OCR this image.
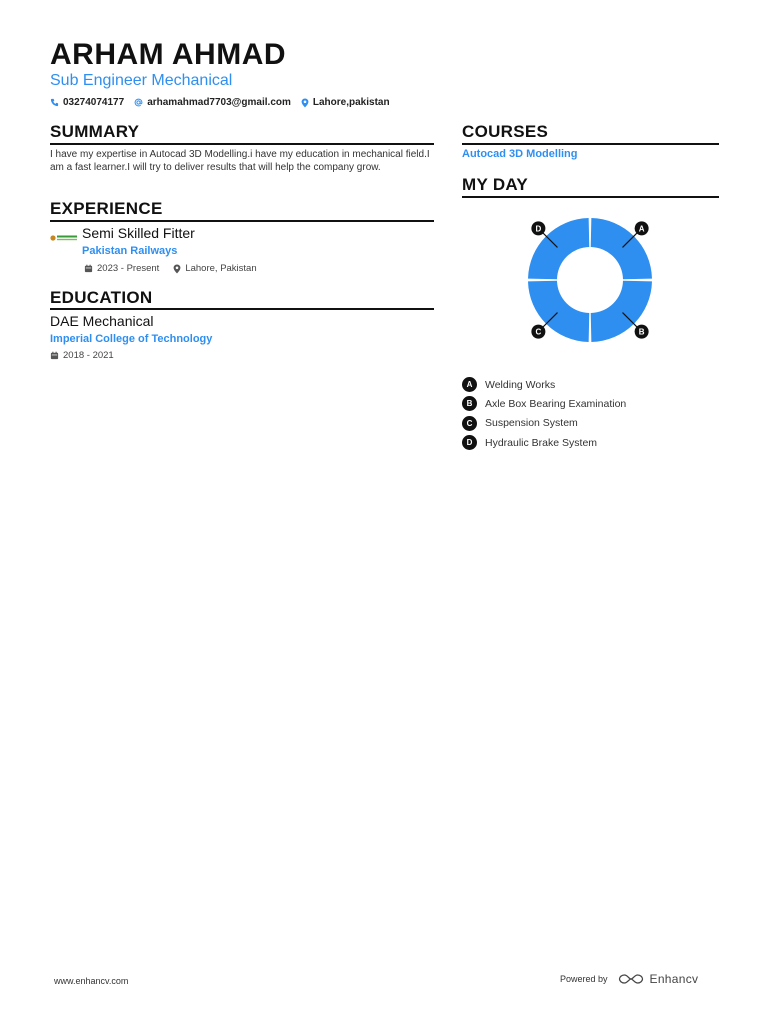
ARHAM AHMAD
Sub Engineer Mechanical
03274074177 arhamahmad7703@gmail.com Lahore,pakistan
SUMMARY
I have my expertise in Autocad 3D Modelling.i have my education in mechanical field.I am a fast learner.I will try to deliver results that will help the company grow.
EXPERIENCE
Semi Skilled Fitter
Pakistan Railways
2023 - Present	Lahore, Pakistan
EDUCATION
DAE Mechanical
Imperial College of Technology
2018 - 2021
COURSES
Autocad 3D Modelling
MY DAY
A
B
C
D
A	Welding Works
B	Axle Box Bearing Examination
C	Suspension System
D	Hydraulic Brake System
www.enhancv.com	Powered by	Enhancv
